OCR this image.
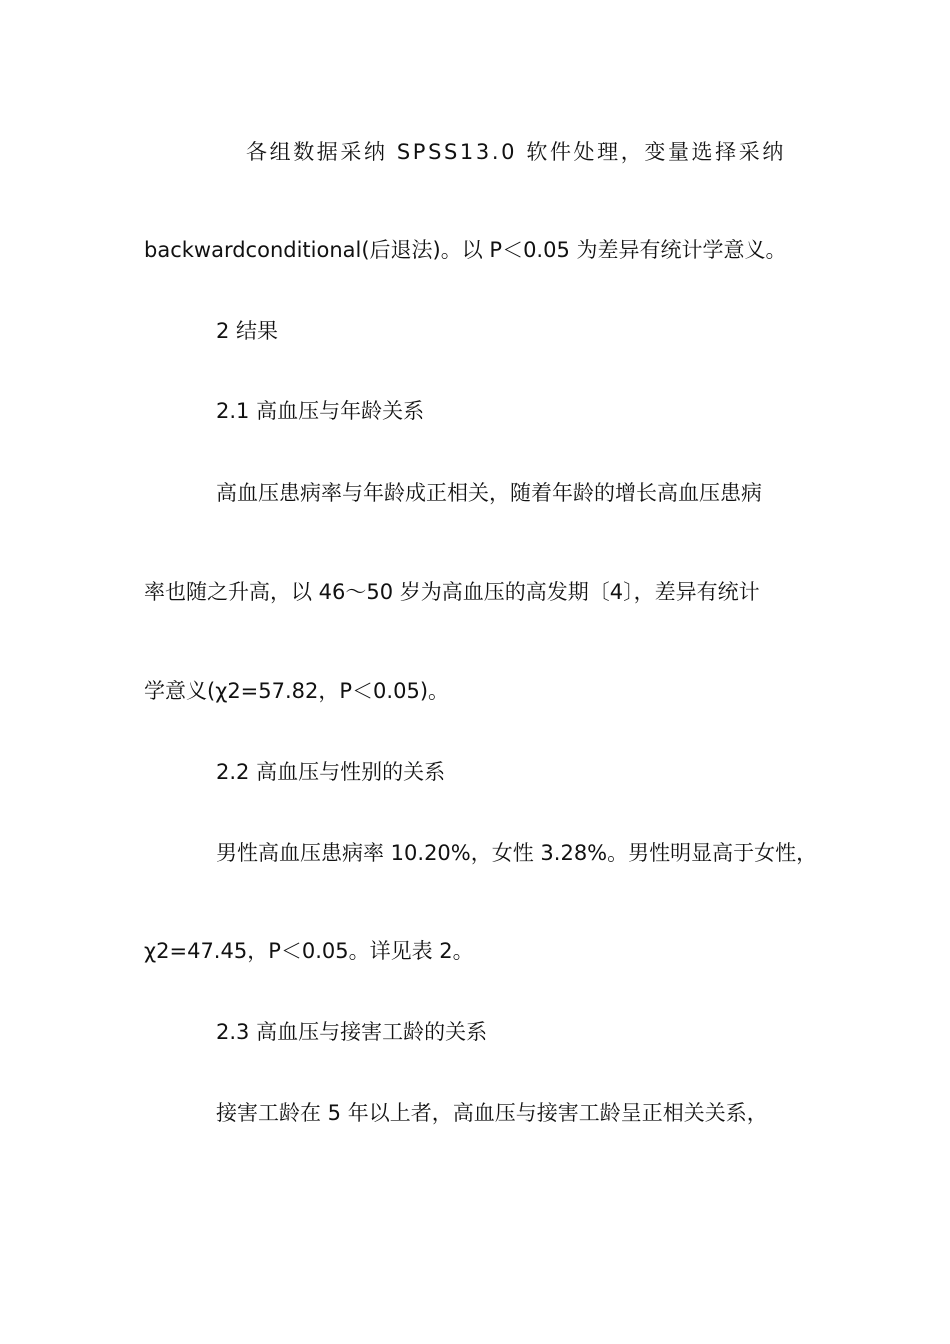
各组数据采纳 SPSS13.0 软件处理，变量选择采纳
backwardconditional(后退法)。以 P＜0.05 为差异有统计学意义。
2 结果
2.1 高血压与年龄关系
高血压患病率与年龄成正相关，随着年龄的增长高血压患病
率也随之升高，以 46～50 岁为高血压的高发期〔4〕，差异有统计
学意义(χ2=57.82，P＜0.05)。
2.2 高血压与性别的关系
男性高血压患病率 10.20%，女性 3.28%。男性明显高于女性，
χ2=47.45，P＜0.05。详见表 2。
2.3 高血压与接害工龄的关系
接害工龄在 5 年以上者，高血压与接害工龄呈正相关关系，
